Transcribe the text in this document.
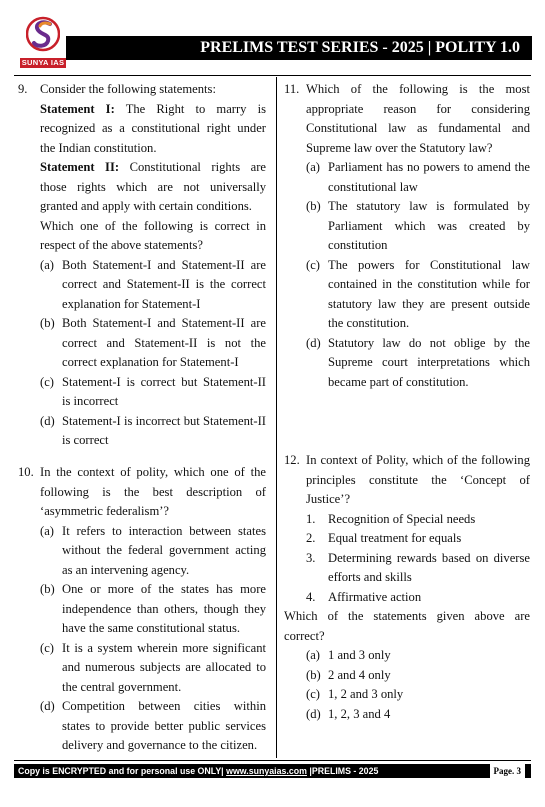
SUNYA IAS
PRELIMS TEST SERIES - 2025 | POLITY 1.0
9. Consider the following statements:

Statement I: The Right to marry is recognized as a constitutional right under the Indian constitution.

Statement II: Constitutional rights are those rights which are not universally granted and apply with certain conditions.

Which one of the following is correct in respect of the above statements?

(a) Both Statement-I and Statement-II are correct and Statement-II is the correct explanation for Statement-I
(b) Both Statement-I and Statement-II are correct and Statement-II is not the correct explanation for Statement-I
(c) Statement-I is correct but Statement-II is incorrect
(d) Statement-I is incorrect but Statement-II is correct
10. In the context of polity, which one of the following is the best description of ‘asymmetric federalism’?

(a) It refers to interaction between states without the federal government acting as an intervening agency.
(b) One or more of the states has more independence than others, though they have the same constitutional status.
(c) It is a system wherein more significant and numerous subjects are allocated to the central government.
(d) Competition between cities within states to provide better public services delivery and governance to the citizen.
11. Which of the following is the most appropriate reason for considering Constitutional law as fundamental and Supreme law over the Statutory law?

(a) Parliament has no powers to amend the constitutional law
(b) The statutory law is formulated by Parliament which was created by constitution
(c) The powers for Constitutional law contained in the constitution while for statutory law they are present outside the constitution.
(d) Statutory law do not oblige by the Supreme court interpretations which became part of constitution.
12. In context of Polity, which of the following principles constitute the ‘Concept of Justice’?

1. Recognition of Special needs
2. Equal treatment for equals
3. Determining rewards based on diverse efforts and skills
4. Affirmative action

Which of the statements given above are correct?

(a) 1 and 3 only
(b) 2 and 4 only
(c) 1, 2 and 3 only
(d) 1, 2, 3 and 4
Copy is ENCRYPTED and for personal use ONLY| www.sunyaias.com |PRELIMS - 2025	Page. 3
